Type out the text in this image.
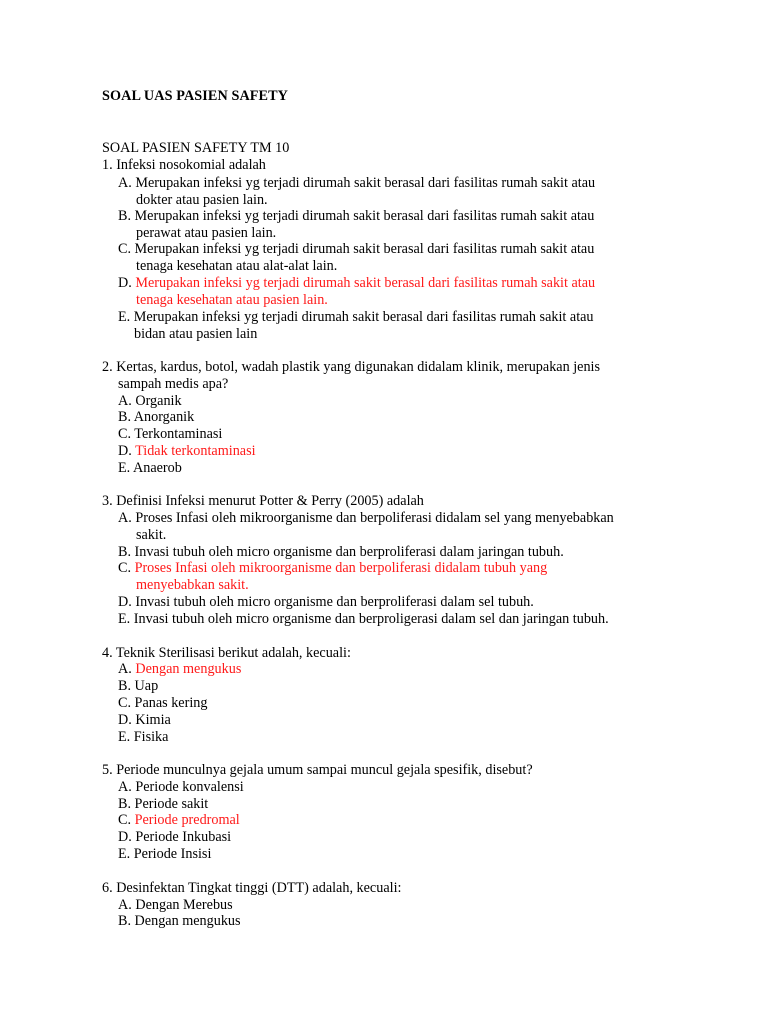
SOAL UAS PASIEN SAFETY
SOAL PASIEN SAFETY TM 10
1. Infeksi nosokomial adalah
A. Merupakan infeksi yg terjadi dirumah sakit berasal dari fasilitas rumah sakit atau
dokter atau pasien lain.
B. Merupakan infeksi yg terjadi dirumah sakit berasal dari fasilitas rumah sakit atau
perawat atau pasien lain.
C. Merupakan infeksi yg terjadi dirumah sakit berasal dari fasilitas rumah sakit atau
tenaga kesehatan atau alat-alat lain.
D. Merupakan infeksi yg terjadi dirumah sakit berasal dari fasilitas rumah sakit atau
tenaga kesehatan atau pasien lain.
E. Merupakan infeksi yg terjadi dirumah sakit berasal dari fasilitas rumah sakit atau
bidan atau pasien lain
2. Kertas, kardus, botol, wadah plastik yang digunakan didalam klinik, merupakan jenis
sampah medis apa?
A. Organik
B. Anorganik
C. Terkontaminasi
D. Tidak terkontaminasi
E. Anaerob
3. Definisi Infeksi menurut Potter & Perry (2005) adalah
A. Proses Infasi oleh mikroorganisme dan berpoliferasi didalam sel yang menyebabkan
sakit.
B. Invasi tubuh oleh micro organisme dan berproliferasi dalam jaringan tubuh.
C. Proses Infasi oleh mikroorganisme dan berpoliferasi didalam tubuh yang
menyebabkan sakit.
D. Invasi tubuh oleh micro organisme dan berproliferasi dalam sel tubuh.
E. Invasi tubuh oleh micro organisme dan berproligerasi dalam sel dan jaringan tubuh.
4. Teknik Sterilisasi berikut adalah, kecuali:
A. Dengan mengukus
B. Uap
C. Panas kering
D. Kimia
E. Fisika
5. Periode munculnya gejala umum sampai muncul gejala spesifik, disebut?
A. Periode konvalensi
B. Periode sakit
C. Periode predromal
D. Periode Inkubasi
E. Periode Insisi
6. Desinfektan Tingkat tinggi (DTT) adalah, kecuali:
A. Dengan Merebus
B. Dengan mengukus
